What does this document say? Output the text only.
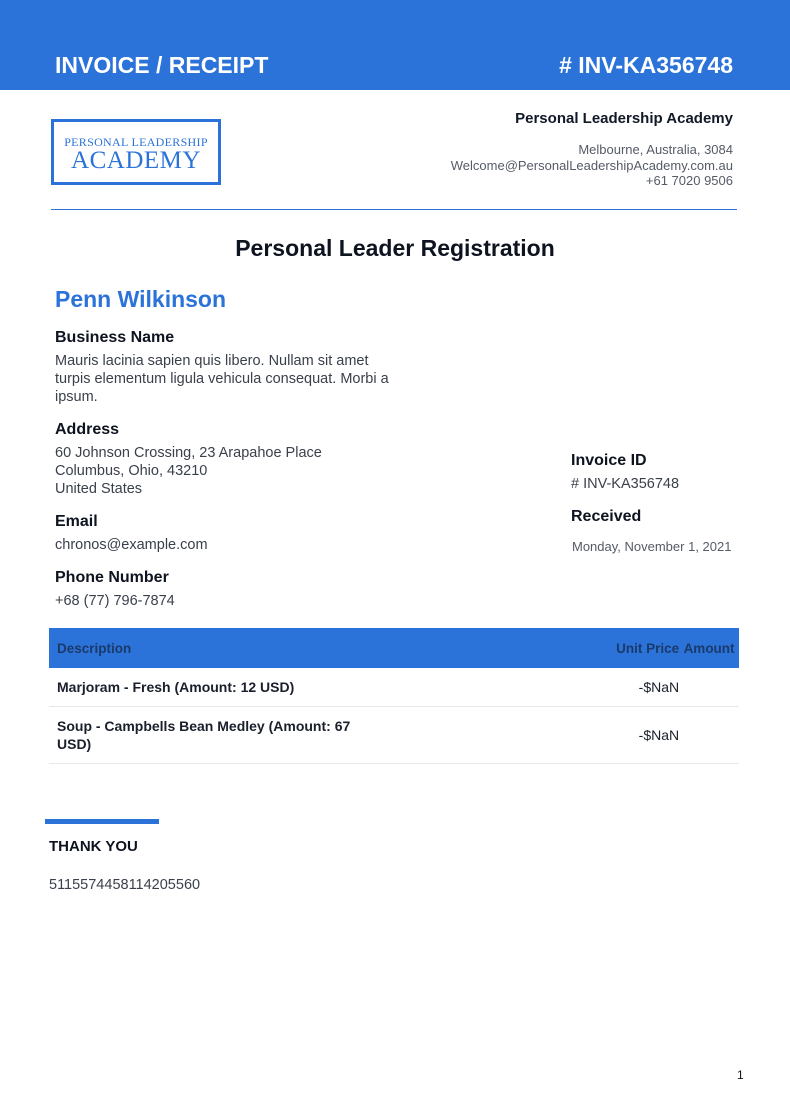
INVOICE / RECEIPT	# INV-KA356748
PERSONAL LEADERSHIP
ACADEMY
Personal Leadership Academy
Melbourne, Australia, 3084
Welcome@PersonalLeadershipAcademy.com.au
+61 7020 9506
Personal Leader Registration
Penn Wilkinson
Business Name
Mauris lacinia sapien quis libero. Nullam sit amet turpis elementum ligula vehicula consequat. Morbi a ipsum.
Address
60 Johnson Crossing, 23 Arapahoe Place
Columbus, Ohio, 43210
United States
Email
chronos@example.com
Phone Number
+68 (77) 796-7874
Invoice ID
# INV-KA356748
Received
Monday, November 1, 2021
Description	Unit Price	Amount
Marjoram - Fresh (Amount: 12 USD)	-$NaN	
Soup - Campbells Bean Medley (Amount: 67 USD)	-$NaN	
THANK YOU
5115574458114205560
1
